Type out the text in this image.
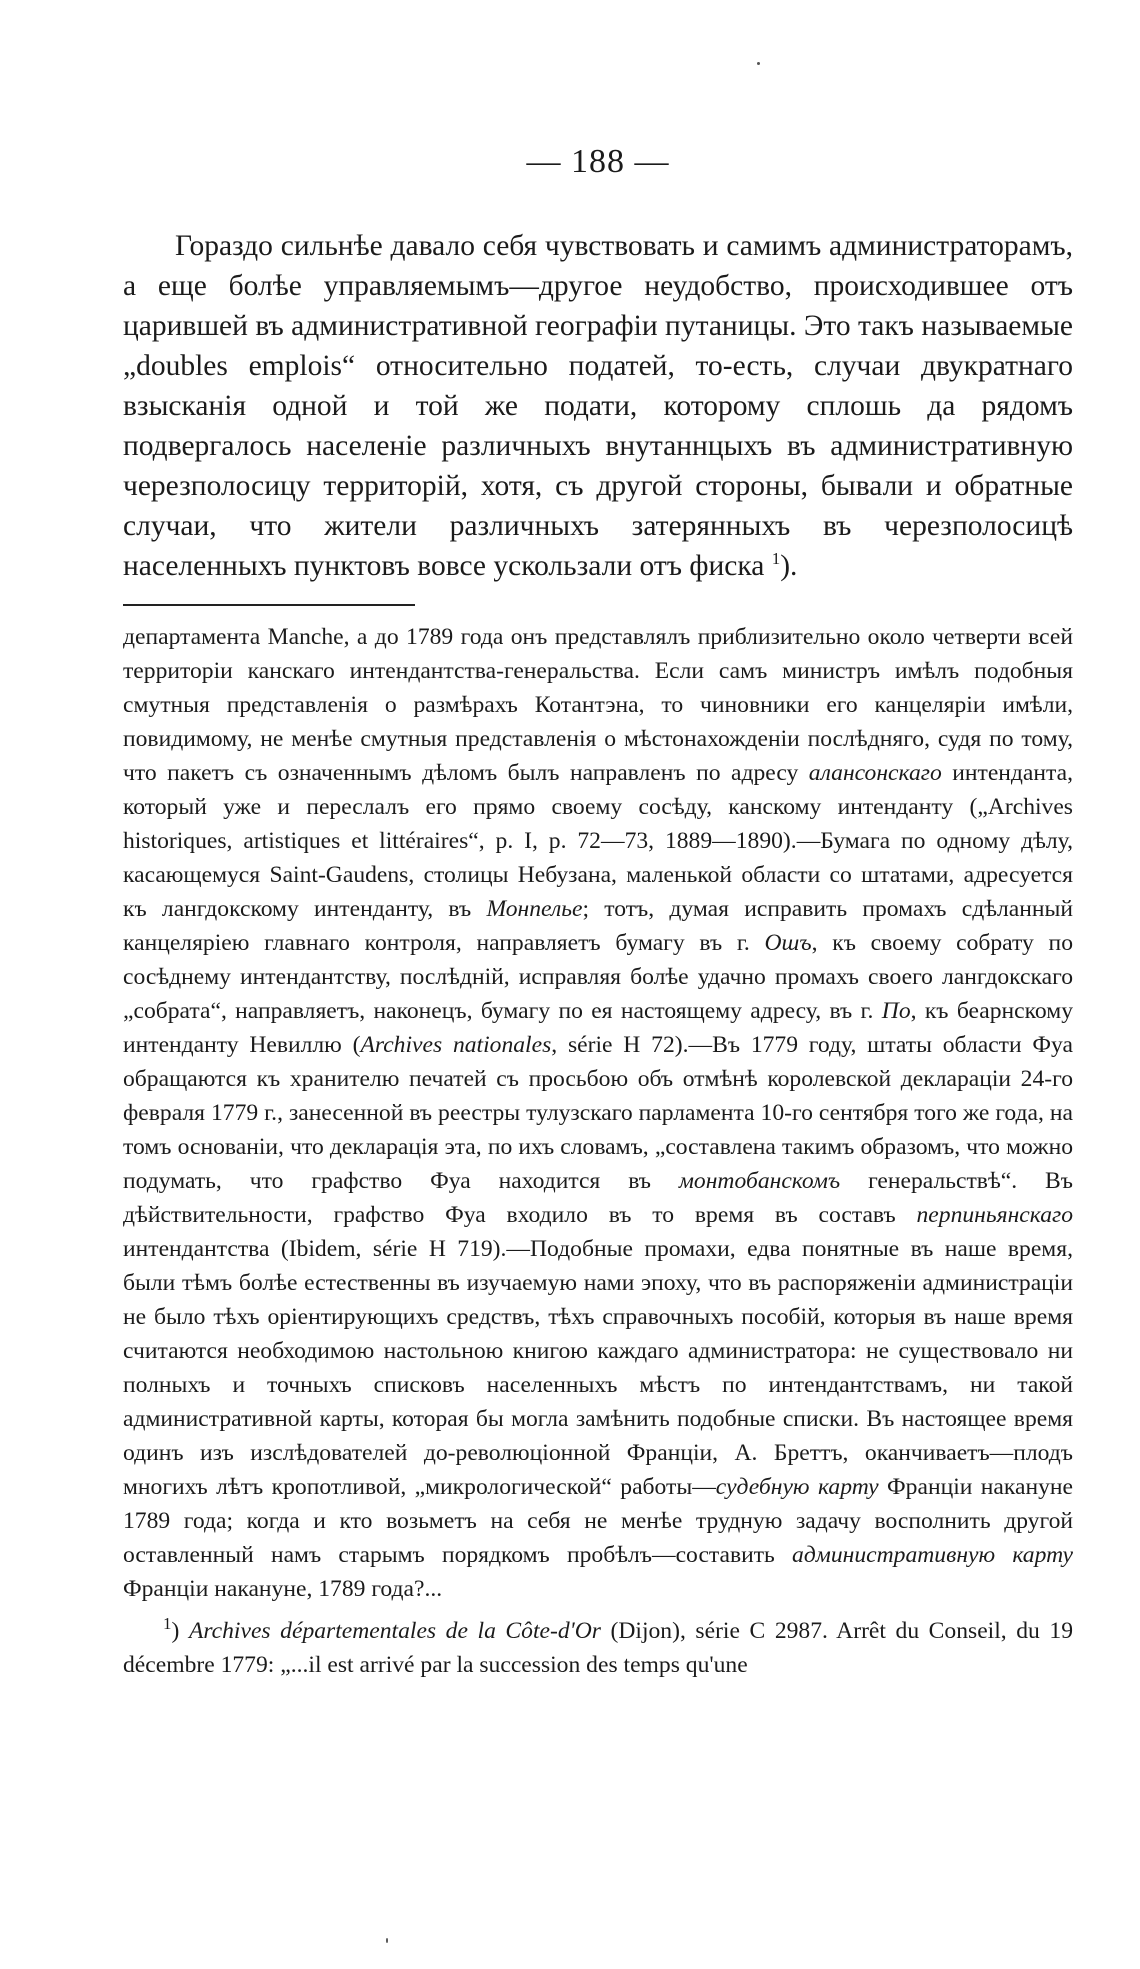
— 188 —

Гораздо сильнѣе давало себя чувствовать и самимъ администраторамъ, а еще болѣе управляемымъ—другое неудобство, происходившее отъ царившей въ административной географіи путаницы. Это такъ называемые „doubles emplois“ относительно податей, то-есть, случаи двукратнаго взысканія одной и той же подати, которому сплошь да рядомъ подвергалось населеніе различныхъ внутаннцыхъ въ административную черезполосицу территорій, хотя, съ другой стороны, бывали и обратные случаи, что жители различныхъ затерянныхъ въ черезполосицѣ населенныхъ пунктовъ вовсе ускользали отъ фиска $^1$).

департамента Manche, а до 1789 года онъ представлялъ приблизительно около четверти всей территоріи канскаго интендантства-генеральства. Если самъ министръ имѣлъ подобныя смутныя представленія о размѣрахъ Котантэна, то чиновники его канцеляріи имѣли, повидимому, не менѣе смутныя представленія о мѣстонахожденіи послѣдняго, судя по тому, что пакетъ съ означеннымъ дѣломъ былъ направленъ по адресу алансонскаго интенданта, который уже и переслалъ его прямо своему сосѣду, канскому интенданту („Archives historiques, artistiques et littéraires“, p. I, p. 72—73, 1889—1890).—Бумага по одному дѣлу, касающемуся Saint-Gaudens, столицы Небузана, маленькой области со штатами, адресуется къ лангдокскому интенданту, въ Монпелье; тотъ, думая исправить промахъ сдѣланный канцеляріею главнаго контроля, направляетъ бумагу въ г. Ошъ, къ своему собрату по сосѣднему интендантству, послѣдній, исправляя болѣе удачно промахъ своего лангдокскаго „собрата“, направляетъ, наконецъ, бумагу по ея настоящему адресу, въ г. По, къ беарнскому интенданту Невиллю (Archives nationales, série H 72).—Въ 1779 году, штаты области Фуа обращаются къ хранителю печатей съ просьбою объ отмѣнѣ королевской деклараціи 24-го февраля 1779 г., занесенной въ реестры тулузскаго парламента 10-го сентября того же года, на томъ основаніи, что декларація эта, по ихъ словамъ, „составлена такимъ образомъ, что можно подумать, что графство Фуа находится въ монтобанскомъ генеральствѣ“. Въ дѣйствительности, графство Фуа входило въ то время въ составъ перпиньянскаго интендантства (Ibidem, série H 719).—Подобные промахи, едва понятные въ наше время, были тѣмъ болѣе естественны въ изучаемую нами эпоху, что въ распоряженіи администраціи не было тѣхъ оріентирующихъ средствъ, тѣхъ справочныхъ пособій, которыя въ наше время считаются необходимою настольною книгою каждаго администратора: не существовало ни полныхъ и точныхъ списковъ населенныхъ мѣстъ по интендантствамъ, ни такой административной карты, которая бы могла замѣнить подобные списки. Въ настоящее время одинъ изъ изслѣдователей до-революціонной Франціи, А. Бреттъ, оканчиваетъ—плодъ многихъ лѣтъ кропотливой, „микрологической“ работы—судебную карту Франціи накануне 1789 года; когда и кто возьметъ на себя не менѣе трудную задачу восполнить другой оставленный намъ старымъ порядкомъ пробѣлъ—составить административную карту Франціи накануне, 1789 года?...

$^1$) Archives départementales de la Côte-d'Or (Dijon), série C 2987. Arrêt du Conseil, du 19 décembre 1779: „...il est arrivé par la succession des temps qu'une
